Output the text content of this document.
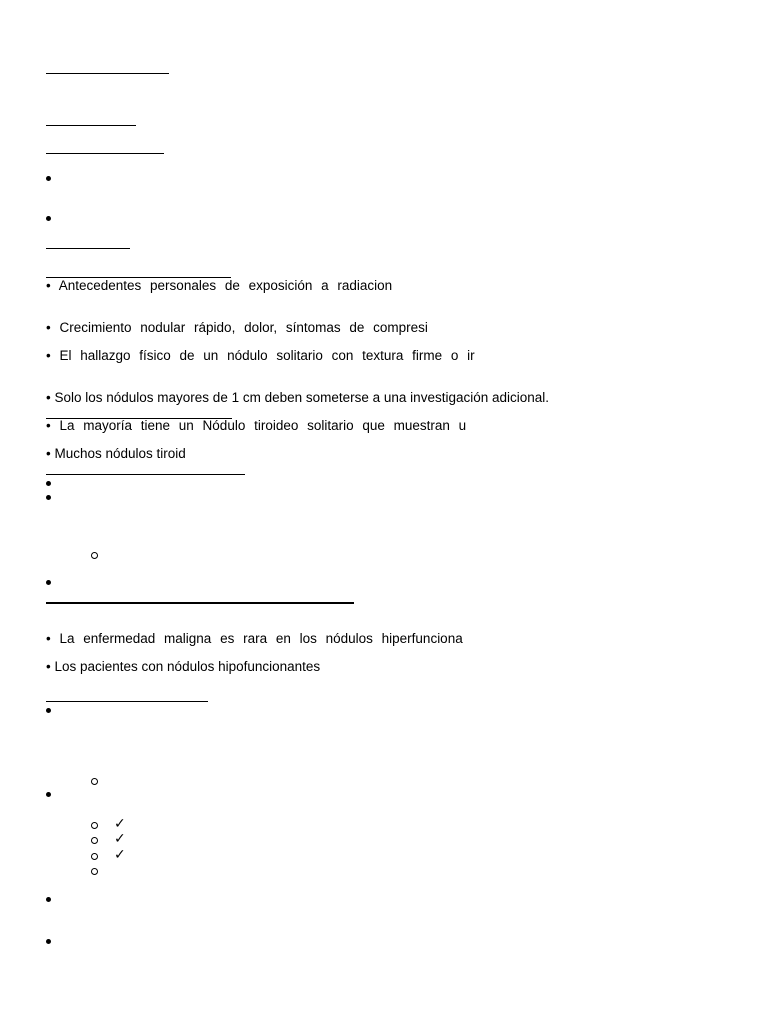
• Antecedentes personales de exposición a radiacion
• Crecimiento nodular rápido, dolor, síntomas de compresi
• El hallazgo físico de un nódulo solitario con textura firme o ir
• Solo los nódulos mayores de 1 cm deben someterse a una investigación adicional.
• La mayoría tiene un Nódulo tiroideo solitario que muestran u
• Muchos nódulos tiroid
• La enfermedad maligna es rara en los nódulos hiperfunciona
• Los pacientes con nódulos hipofuncionantes
✓
✓
✓
